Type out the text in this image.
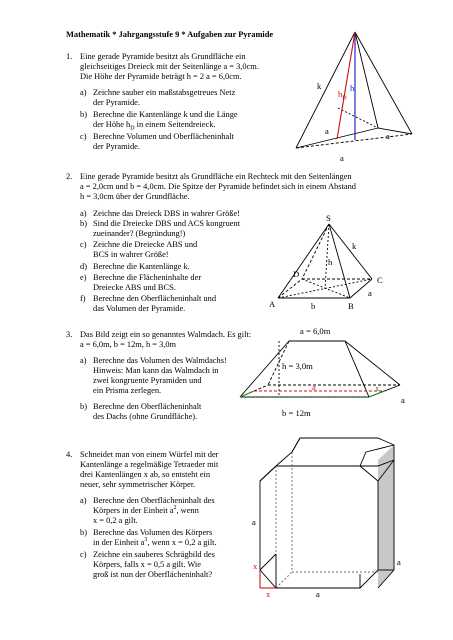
Mathematik * Jahrgangsstufe 9 * Aufgaben zur Pyramide
1. Eine gerade Pyramide besitzt als Grundfläche ein
gleichseitiges Dreieck mit der Seitenlänge a = 3,0cm.
Die Höhe der Pyramide beträgt h = 2 a = 6,0cm.
a) Zeichne sauber ein maßstabsgetreues Netz
der Pyramide.
b) Berechne die Kantenlänge k und die Länge
der Höhe $h_D$ in einem Seitendreieck.
c) Berechne Volumen und Oberflächeninhalt
der Pyramide.
k
$h_D$
h
a	a
a
2. Eine gerade Pyramide besitzt als Grundfläche ein Rechteck mit den Seitenlängen
a = 2,0cm und b = 4,0cm. Die Spitze der Pyramide befindet sich in einem Abstand
h = 3,0cm über der Grundfläche.
a) Zeichne das Dreieck DBS in wahrer Größe!
b) Sind die Dreiecke DBS und ACS kongruent
zueinander? (Begründung!)
c) Zeichne die Dreiecke ABS und
BCS in wahrer Größe!
d) Berechne die Kantenlänge k.
e) Berechne die Flächeninhalte der
Dreiecke ABS und BCS.
f) Berechne den Oberflächeninhalt und
das Volumen der Pyramide.
S
k
h
D
C
a
A	b	B
3. Das Bild zeigt ein so genanntes Walmdach. Es gilt:
a = 6,0m, b = 12m, h = 3,0m
a) Berechne das Volumen des Walmdachs!
Hinweis: Man kann das Walmdach in
zwei kongruente Pyramiden und
ein Prisma zerlegen.
b) Berechne den Oberflächeninhalt
des Dachs (ohne Grundfläche).
a = 6,0m
h = 3,0m
a	x
a
b = 12m
4. Schneidet man von einem Würfel mit der
Kantenlänge a regelmäßige Tetraeder mit
drei Kantenlängen x ab, so entsteht ein
neuer, sehr symmetrischer Körper.
a) Berechne den Oberflächeninhalt des
Körpers in der Einheit $a^2$, wenn
x = 0,2 a gilt.
b) Berechne das Volumen des Körpers
in der Einheit $a^3$, wenn x = 0,2 a gilt.
c) Zeichne ein sauberes Schrägbild des
Körpers, falls x = 0,5 a gilt. Wie
groß ist nun der Oberflächeninhalt?
a
a
x
x	a
